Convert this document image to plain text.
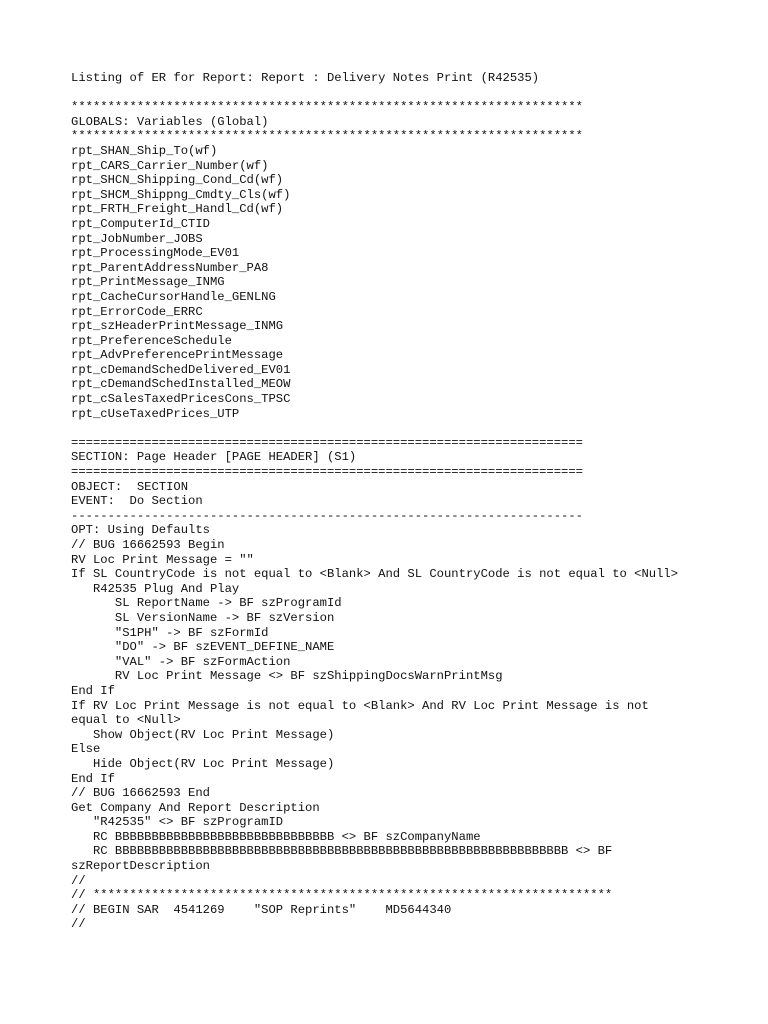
Listing of ER for Report: Report : Delivery Notes Print (R42535)
**********************************************************************
GLOBALS: Variables (Global)
**********************************************************************
rpt_SHAN_Ship_To(wf)
rpt_CARS_Carrier_Number(wf)
rpt_SHCN_Shipping_Cond_Cd(wf)
rpt_SHCM_Shippng_Cmdty_Cls(wf)
rpt_FRTH_Freight_Handl_Cd(wf)
rpt_ComputerId_CTID
rpt_JobNumber_JOBS
rpt_ProcessingMode_EV01
rpt_ParentAddressNumber_PA8
rpt_PrintMessage_INMG
rpt_CacheCursorHandle_GENLNG
rpt_ErrorCode_ERRC
rpt_szHeaderPrintMessage_INMG
rpt_PreferenceSchedule
rpt_AdvPreferencePrintMessage
rpt_cDemandSchedDelivered_EV01
rpt_cDemandSchedInstalled_MEOW
rpt_cSalesTaxedPricesCons_TPSC
rpt_cUseTaxedPrices_UTP
======================================================================
SECTION: Page Header [PAGE HEADER] (S1)
======================================================================
OBJECT:  SECTION
EVENT:  Do Section
----------------------------------------------------------------------
OPT: Using Defaults
// BUG 16662593 Begin
RV Loc Print Message = ""
If SL CountryCode is not equal to <Blank> And SL CountryCode is not equal to <Null>
R42535 Plug And Play
SL ReportName -> BF szProgramId
SL VersionName -> BF szVersion
"S1PH" -> BF szFormId
"DO" -> BF szEVENT_DEFINE_NAME
"VAL" -> BF szFormAction
RV Loc Print Message <> BF szShippingDocsWarnPrintMsg
End If
If RV Loc Print Message is not equal to <Blank> And RV Loc Print Message is not
equal to <Null>
Show Object(RV Loc Print Message)
Else
Hide Object(RV Loc Print Message)
End If
// BUG 16662593 End
Get Company And Report Description
"R42535" <> BF szProgramID
RC BBBBBBBBBBBBBBBBBBBBBBBBBBBBBB <> BF szCompanyName
RC BBBBBBBBBBBBBBBBBBBBBBBBBBBBBBBBBBBBBBBBBBBBBBBBBBBBBBBBBBBBBB <> BF
szReportDescription
//
// ***********************************************************************
// BEGIN SAR  4541269    "SOP Reprints"    MD5644340
//
